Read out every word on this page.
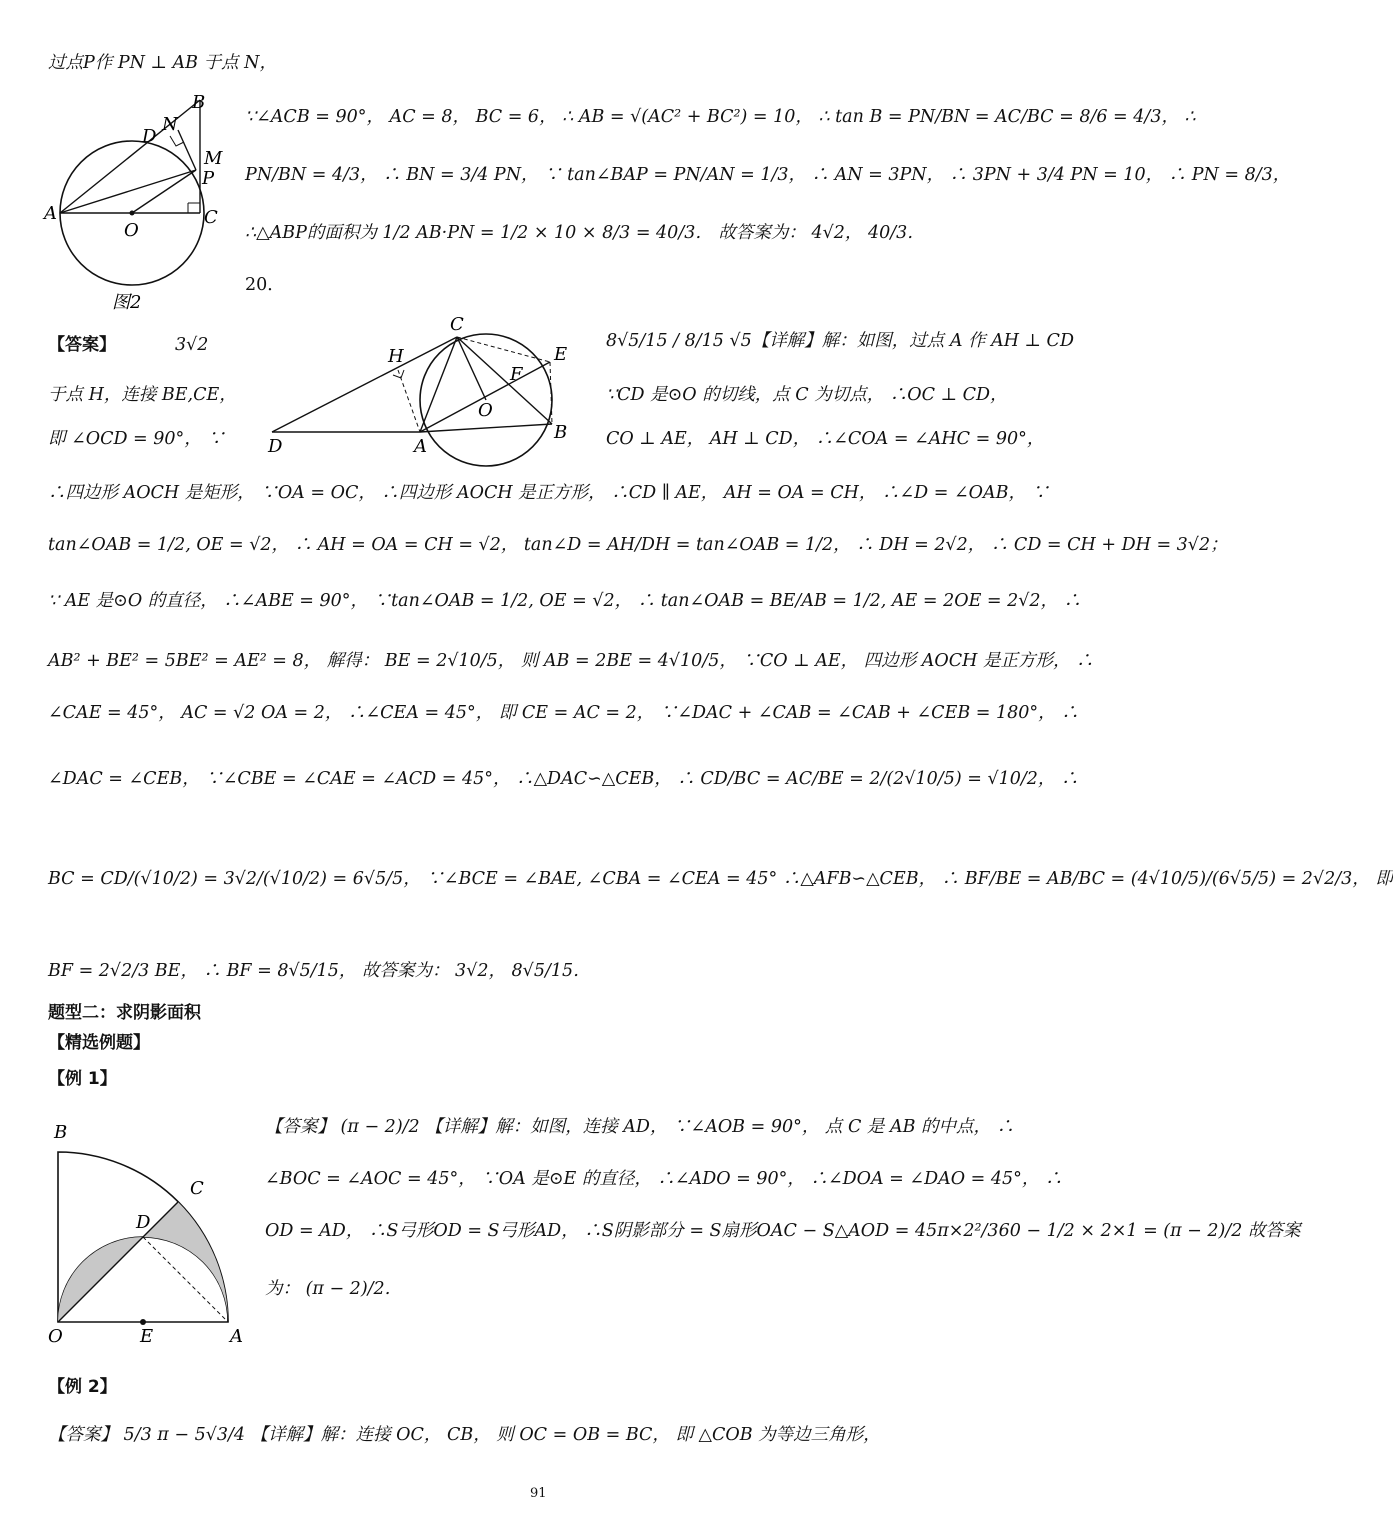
过点P作 PN ⊥ AB 于点 N，
A
B
C
D
N
M
P
O
图2
∵∠ACB = 90°， AC = 8， BC = 6， ∴ AB = √(AC² + BC²) = 10， ∴ tan B = PN/BN = AC/BC = 8/6 = 4/3， ∴
PN/BN = 4/3， ∴ BN = 3/4 PN， ∵ tan∠BAP = PN/AN = 1/3， ∴ AN = 3PN， ∴ 3PN + 3/4 PN = 10， ∴ PN = 8/3，
∴△ABP的面积为 1/2 AB·PN = 1/2 × 10 × 8/3 = 40/3． 故答案为： 4√2， 40/3．
20．
【答案】	3√2	8√5/15 / 8/15 √5【详解】解：如图，过点 A 作 AH ⊥ CD
于点 H，连接 BE,CE，	∵CD 是⊙O 的切线，点 C 为切点， ∴OC ⊥ CD，
即 ∠OCD = 90°， ∵	CO ⊥ AE， AH ⊥ CD， ∴∠COA = ∠AHC = 90°，
C
H	E
F
O
D	A
B
∴四边形 AOCH 是矩形， ∵OA = OC， ∴四边形 AOCH 是正方形， ∴CD ∥ AE， AH = OA = CH， ∴∠D = ∠OAB， ∵
tan∠OAB = 1/2, OE = √2， ∴ AH = OA = CH = √2， tan∠D = AH/DH = tan∠OAB = 1/2， ∴ DH = 2√2， ∴ CD = CH + DH = 3√2；
∵ AE 是⊙O 的直径， ∴∠ABE = 90°， ∵tan∠OAB = 1/2, OE = √2， ∴ tan∠OAB = BE/AB = 1/2, AE = 2OE = 2√2， ∴
AB² + BE² = 5BE² = AE² = 8， 解得： BE = 2√10/5， 则 AB = 2BE = 4√10/5， ∵CO ⊥ AE， 四边形 AOCH 是正方形， ∴
∠CAE = 45°， AC = √2 OA = 2， ∴∠CEA = 45°， 即 CE = AC = 2， ∵∠DAC + ∠CAB = ∠CAB + ∠CEB = 180°， ∴
∠DAC = ∠CEB， ∵∠CBE = ∠CAE = ∠ACD = 45°， ∴△DAC∽△CEB， ∴ CD/BC = AC/BE = 2/(2√10/5) = √10/2， ∴
BC = CD/(√10/2) = 3√2/(√10/2) = 6√5/5， ∵∠BCE = ∠BAE, ∠CBA = ∠CEA = 45° ∴△AFB∽△CEB， ∴ BF/BE = AB/BC = (4√10/5)/(6√5/5) = 2√2/3， 即
BF = 2√2/3 BE， ∴ BF = 8√5/15， 故答案为： 3√2， 8√5/15．
题型二：求阴影面积
【精选例题】
【例 1】
B
C
D
O	E	A
【答案】 (π − 2)/2 【详解】解：如图，连接 AD， ∵∠AOB = 90°， 点 C 是 AB 的中点， ∴
∠BOC = ∠AOC = 45°， ∵OA 是⊙E 的直径， ∴∠ADO = 90°， ∴∠DOA = ∠DAO = 45°， ∴
OD = AD， ∴S弓形OD = S弓形AD， ∴S阴影部分 = S扇形OAC − S△AOD = 45π×2²/360 − 1/2 × 2×1 = (π − 2)/2 故答案
为： (π − 2)/2．
【例 2】
【答案】 5/3 π − 5√3/4 【详解】解：连接 OC， CB， 则 OC = OB = BC， 即 △COB 为等边三角形，
91
